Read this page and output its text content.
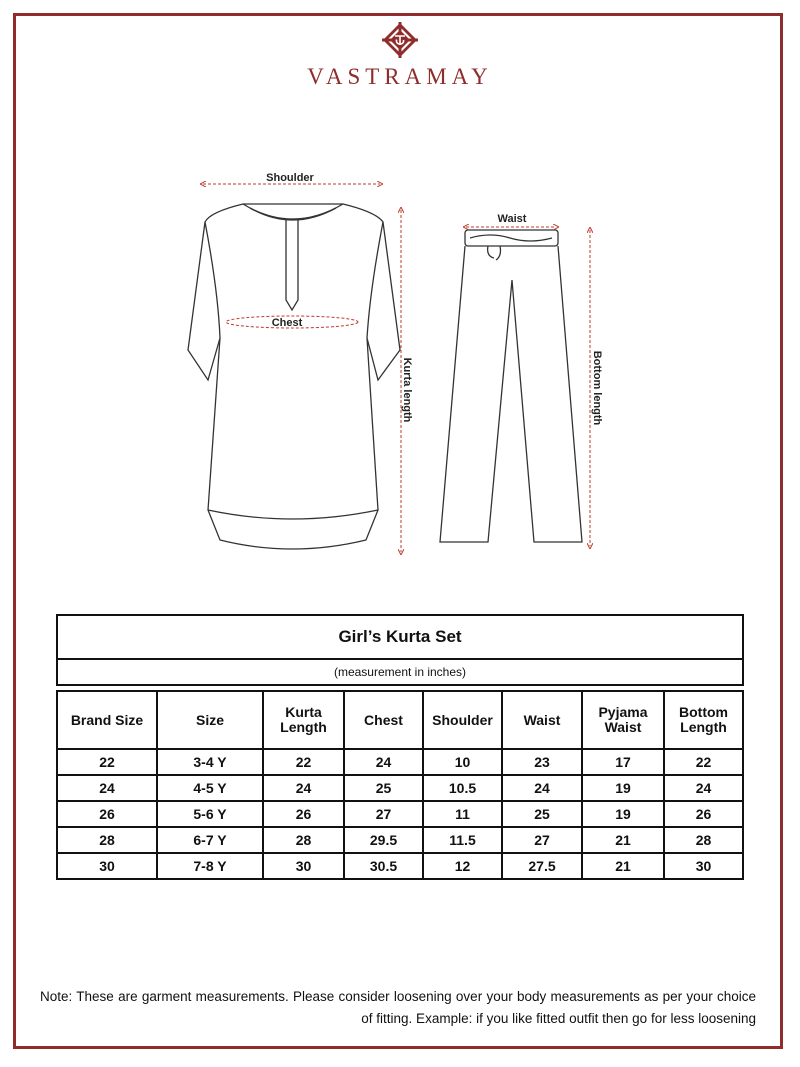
VASTRAMAY
Shoulder
Chest
Kurta length
Waist
Bottom length
Girl’s Kurta Set							
(measurement in inches)							

Brand Size	Size	Kurta Length	Chest	Shoulder	Waist	Pyjama Waist	Bottom Length
22	3-4 Y	22	24	10	23	17	22
24	4-5 Y	24	25	10.5	24	19	24
26	5-6 Y	26	27	11	25	19	26
28	6-7 Y	28	29.5	11.5	27	21	28
30	7-8 Y	30	30.5	12	27.5	21	30
Note: These are garment measurements. Please consider loosening over your body measurements as per your choice of fitting. Example: if you like fitted outfit then go for less loosening
